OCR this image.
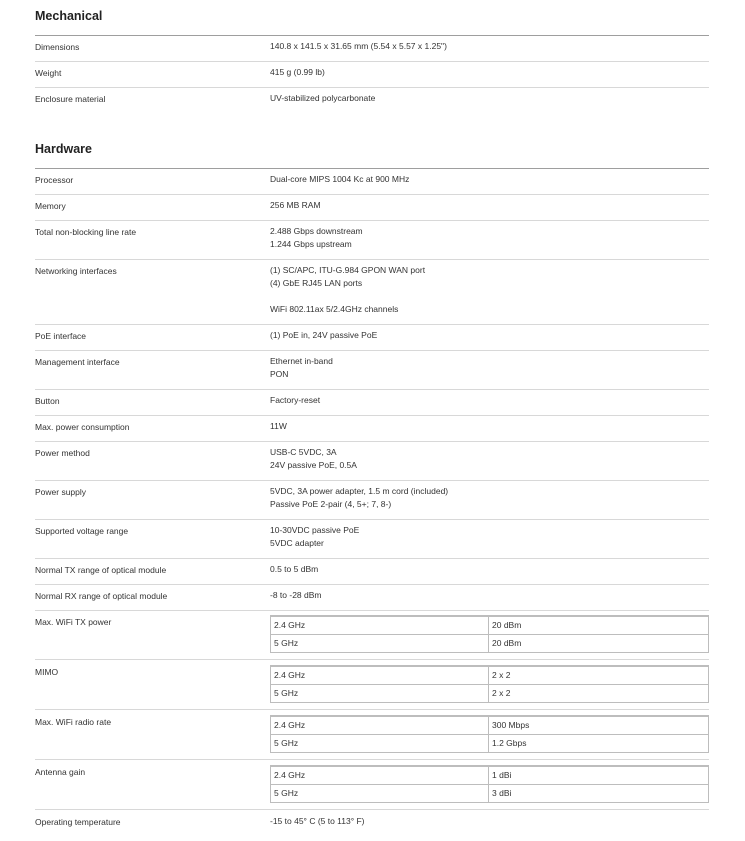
Mechanical
Dimensions	140.8 x 141.5 x 31.65 mm (5.54 x 5.57 x 1.25")
Weight	415 g (0.99 lb)
Enclosure material	UV-stabilized polycarbonate
Hardware
Processor	Dual-core MIPS 1004 Kc at 900 MHz
Memory	256 MB RAM
Total non-blocking line rate	2.488 Gbps downstream
1.244 Gbps upstream
Networking interfaces	(1) SC/APC, ITU-G.984 GPON WAN port
(4) GbE RJ45 LAN ports
WiFi 802.11ax 5/2.4GHz channels
PoE interface	(1) PoE in, 24V passive PoE
Management interface	Ethernet in-band
PON
Button	Factory-reset
Max. power consumption	11W
Power method	USB-C 5VDC, 3A
24V passive PoE, 0.5A
Power supply	5VDC, 3A power adapter, 1.5 m cord (included)
Passive PoE 2-pair (4, 5+; 7, 8-)
Supported voltage range	10-30VDC passive PoE
5VDC adapter
Normal TX range of optical module	0.5 to 5 dBm
Normal RX range of optical module	-8 to -28 dBm
Max. WiFi TX power	2.4 GHz	20 dBm
5 GHz	20 dBm
MIMO	2.4 GHz	2 x 2
5 GHz	2 x 2
Max. WiFi radio rate	2.4 GHz	300 Mbps
5 GHz	1.2 Gbps
Antenna gain	2.4 GHz	1 dBi
5 GHz	3 dBi
Operating temperature	-15 to 45° C (5 to 113° F)
